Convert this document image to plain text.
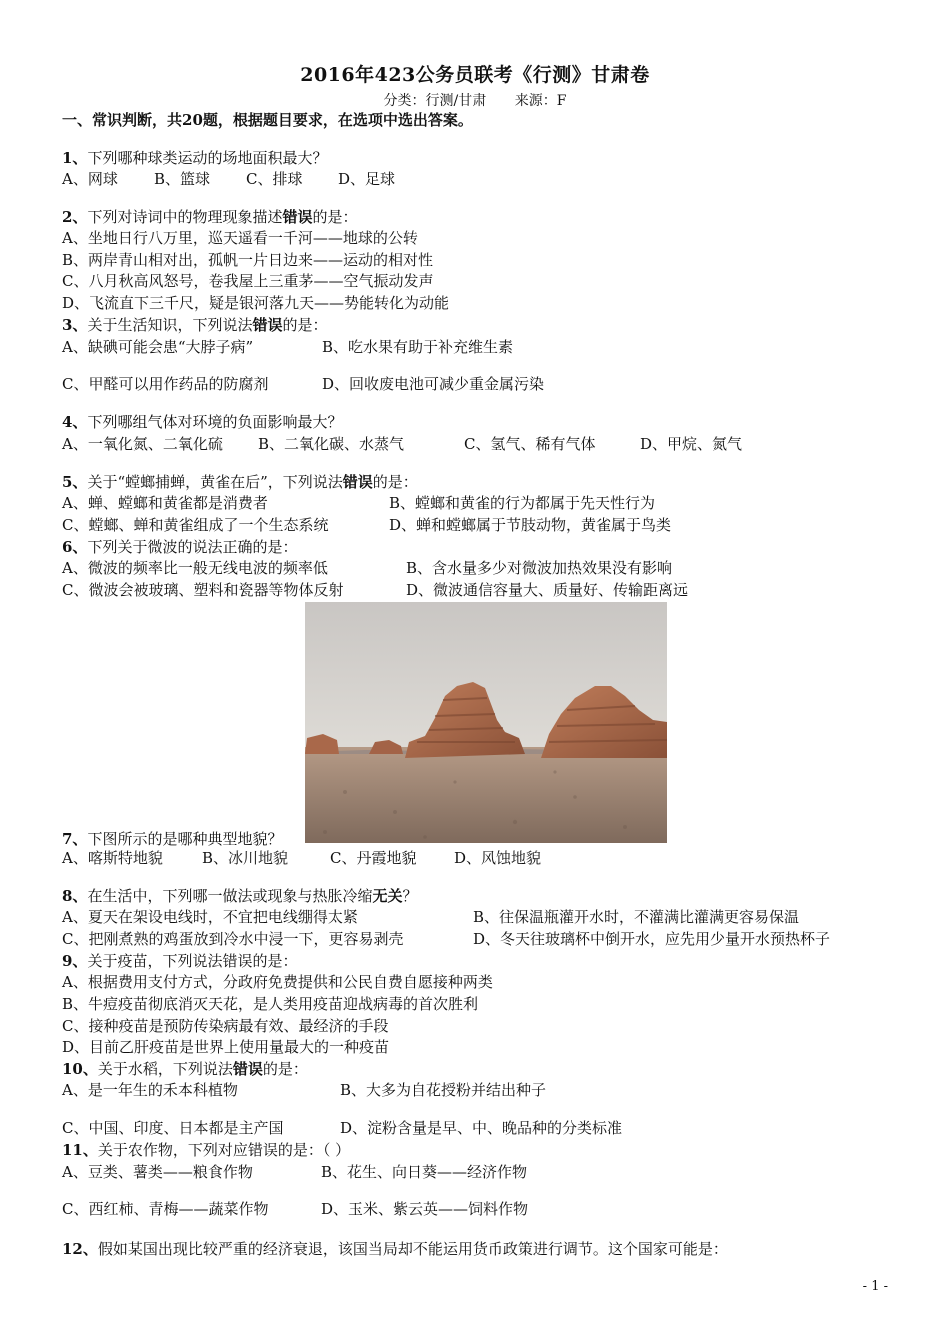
2016年423公务员联考《行测》甘肃卷
分类：行测/甘肃 来源：F
一、常识判断，共20题，根据题目要求，在选项中选出答案。
1、下列哪种球类运动的场地面积最大？
A、网球 B、篮球 C、排球 D、足球
2、下列对诗词中的物理现象描述错误的是：
A、坐地日行八万里，巡天遥看一千河——地球的公转
B、两岸青山相对出，孤帆一片日边来——运动的相对性
C、八月秋高风怒号，卷我屋上三重茅——空气振动发声
D、飞流直下三千尺，疑是银河落九天——势能转化为动能
3、关于生活知识，下列说法错误的是：
A、缺碘可能会患“大脖子病”	B、吃水果有助于补充维生素
C、甲醛可以用作药品的防腐剂	D、回收废电池可减少重金属污染
4、下列哪组气体对环境的负面影响最大？
A、一氧化氮、二氧化硫 B、二氧化碳、水蒸气	C、氢气、稀有气体	D、甲烷、氮气
5、关于“螳螂捕蝉，黄雀在后”，下列说法错误的是：
A、蝉、螳螂和黄雀都是消费者	B、螳螂和黄雀的行为都属于先天性行为
C、螳螂、蝉和黄雀组成了一个生态系统	D、蝉和螳螂属于节肢动物，黄雀属于鸟类
6、下列关于微波的说法正确的是：
A、微波的频率比一般无线电波的频率低	B、含水量多少对微波加热效果没有影响
C、微波会被玻璃、塑料和瓷器等物体反射	D、微波通信容量大、质量好、传输距离远
7、下图所示的是哪种典型地貌？
A、喀斯特地貌	B、冰川地貌	C、丹霞地貌	D、风蚀地貌
8、在生活中，下列哪一做法或现象与热胀冷缩无关？
A、夏天在架设电线时，不宜把电线绷得太紧	B、往保温瓶灌开水时，不灌满比灌满更容易保温
C、把刚煮熟的鸡蛋放到冷水中浸一下，更容易剥壳	D、冬天往玻璃杯中倒开水，应先用少量开水预热杯子
9、关于疫苗，下列说法错误的是：
A、根据费用支付方式，分政府免费提供和公民自费自愿接种两类
B、牛痘疫苗彻底消灭天花，是人类用疫苗迎战病毒的首次胜利
C、接种疫苗是预防传染病最有效、最经济的手段
D、目前乙肝疫苗是世界上使用量最大的一种疫苗
10、关于水稻，下列说法错误的是：
A、是一年生的禾本科植物	B、大多为自花授粉并结出种子
C、中国、印度、日本都是主产国	D、淀粉含量是早、中、晚品种的分类标准
11、关于农作物，下列对应错误的是：（ ）
A、豆类、薯类——粮食作物	B、花生、向日葵——经济作物
C、西红柿、青梅——蔬菜作物	D、玉米、紫云英——饲料作物
12、假如某国出现比较严重的经济衰退，该国当局却不能运用货币政策进行调节。这个国家可能是：
- 1 -
